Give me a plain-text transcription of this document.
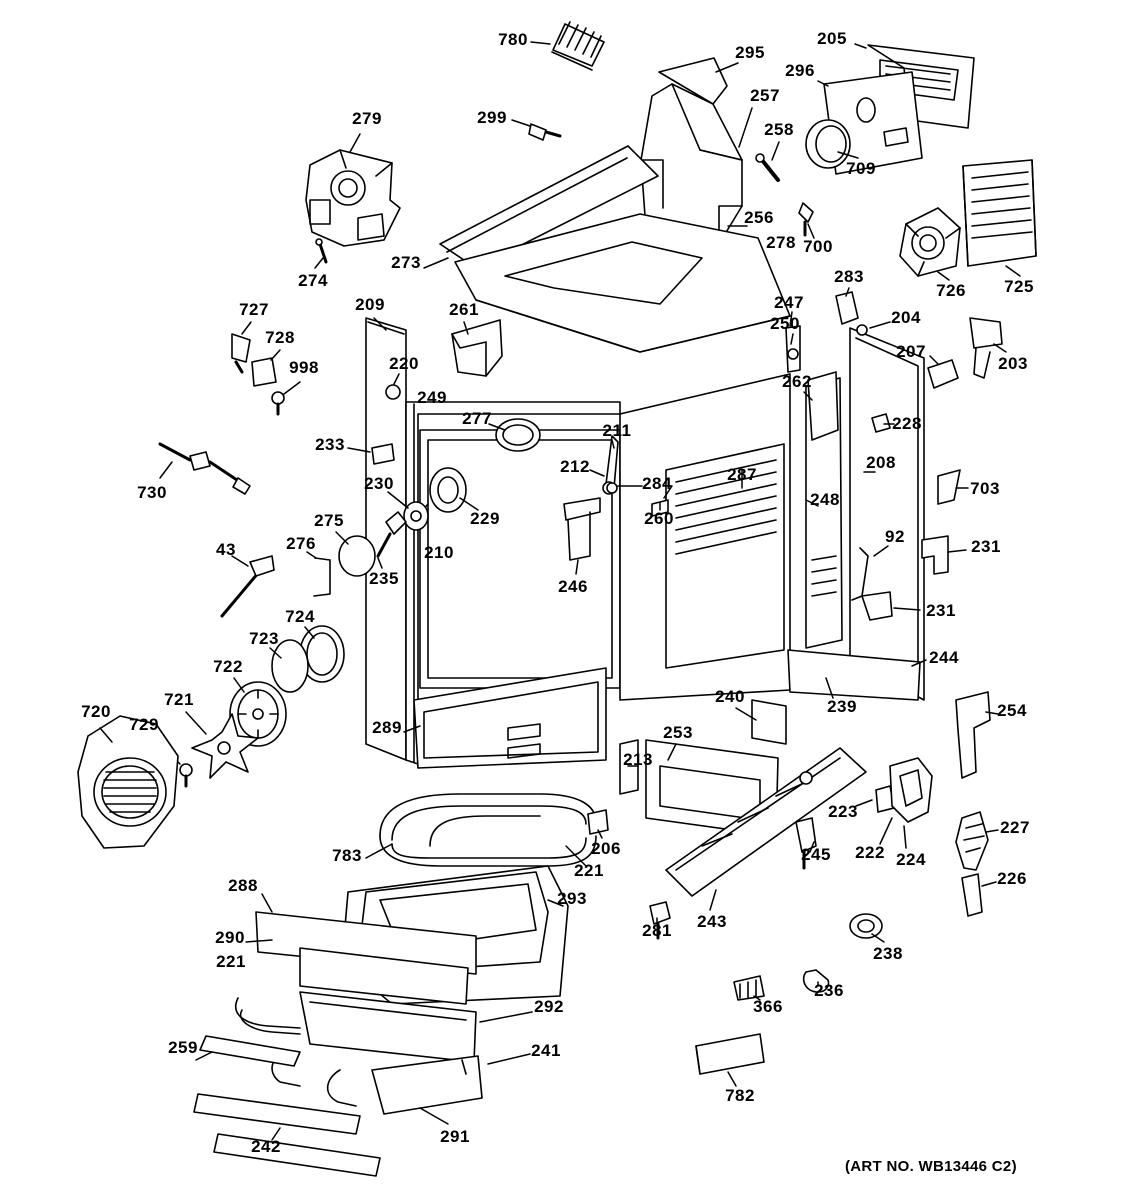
780
295
205
296
257
258
279	299
709
256
700
278
726 725
274
273
283
204
247
250
207
203
727	209	261
728
220
998
262
249
277	228
211
233
212	208
284	287
230	703
730
229	260
248
275
92
231
43	276	210
235	246
231
724
723
244
722
721
254
720
729
240
239
289	253
213
223
227
222 224
206
221
783	245
226
293
288
243
281
290
221	238
236
366
292
259	241
782
242
291
(ART NO. WB13446 C2)
